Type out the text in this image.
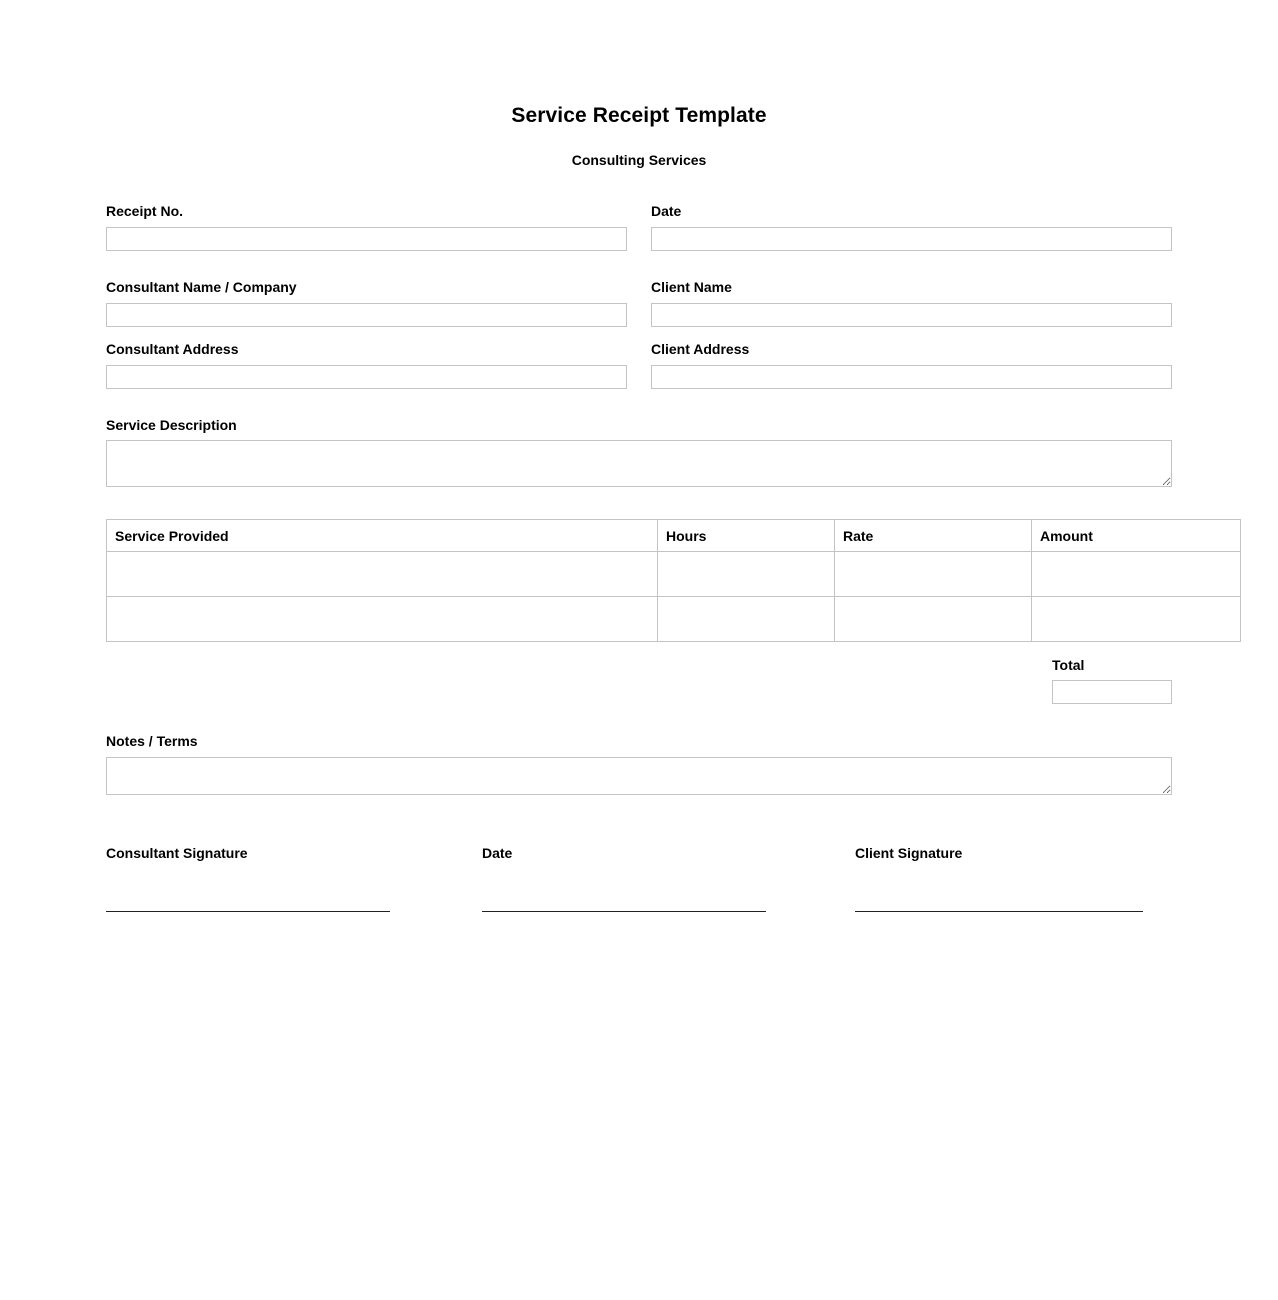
Service Receipt Template
Consulting Services
Receipt No.	Date
Consultant Name / Company	Client Name
Consultant Address	Client Address
Service Description
Service Provided	Hours	Rate	Amount

Total
Notes / Terms
Consultant Signature	Date	Client Signature
